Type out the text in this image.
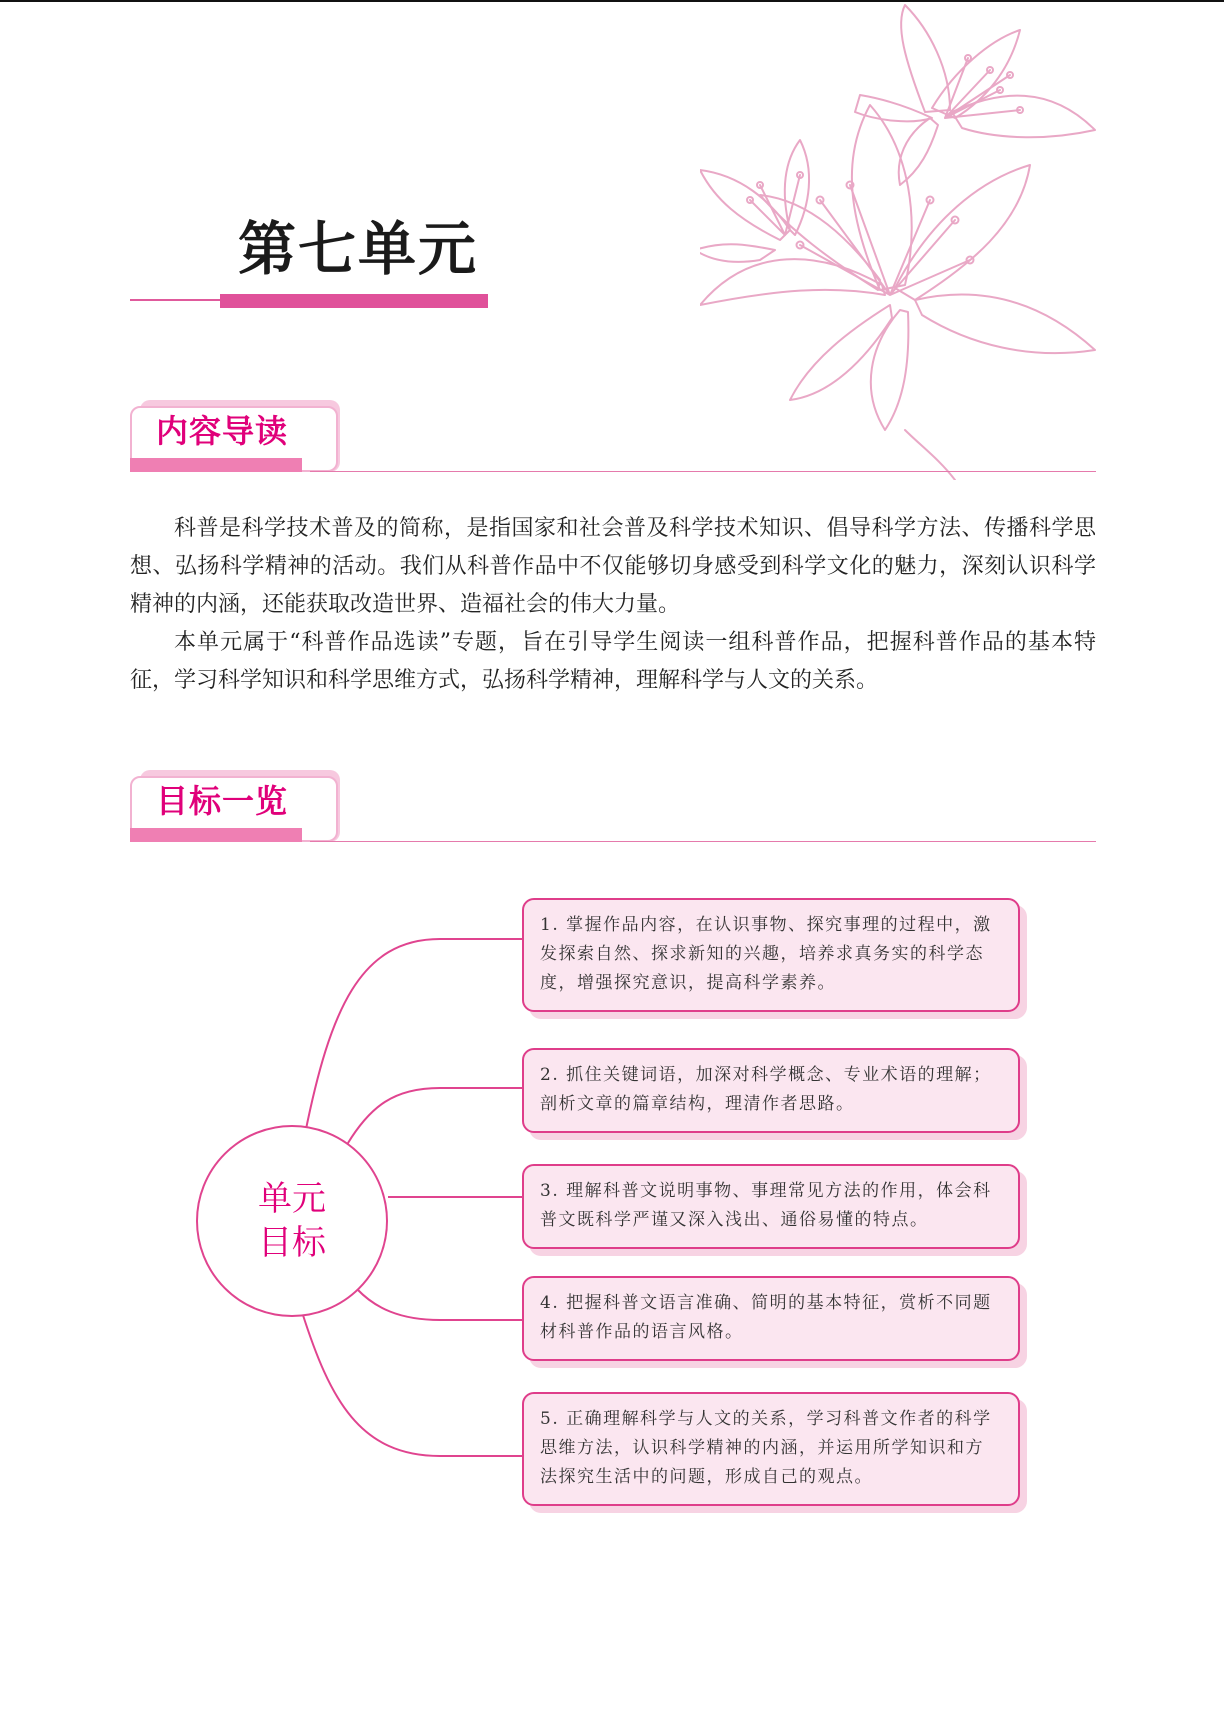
第七单元
内容导读

科普是科学技术普及的简称，是指国家和社会普及科学技术知识、倡导科学方法、传播科学思想、弘扬科学精神的活动。我们从科普作品中不仅能够切身感受到科学文化的魅力，深刻认识科学精神的内涵，还能获取改造世界、造福社会的伟大力量。

本单元属于“科普作品选读”专题，旨在引导学生阅读一组科普作品，把握科普作品的基本特征，学习科学知识和科学思维方式，弘扬科学精神，理解科学与人文的关系。

目标一览
单元
目标
1. 掌握作品内容，在认识事物、探究事理的过程中，激发探索自然、探求新知的兴趣，培养求真务实的科学态度，增强探究意识，提高科学素养。
2. 抓住关键词语，加深对科学概念、专业术语的理解；剖析文章的篇章结构，理清作者思路。
3. 理解科普文说明事物、事理常见方法的作用，体会科普文既科学严谨又深入浅出、通俗易懂的特点。
4. 把握科普文语言准确、简明的基本特征，赏析不同题材科普作品的语言风格。
5. 正确理解科学与人文的关系，学习科普文作者的科学思维方法，认识科学精神的内涵，并运用所学知识和方法探究生活中的问题，形成自己的观点。
